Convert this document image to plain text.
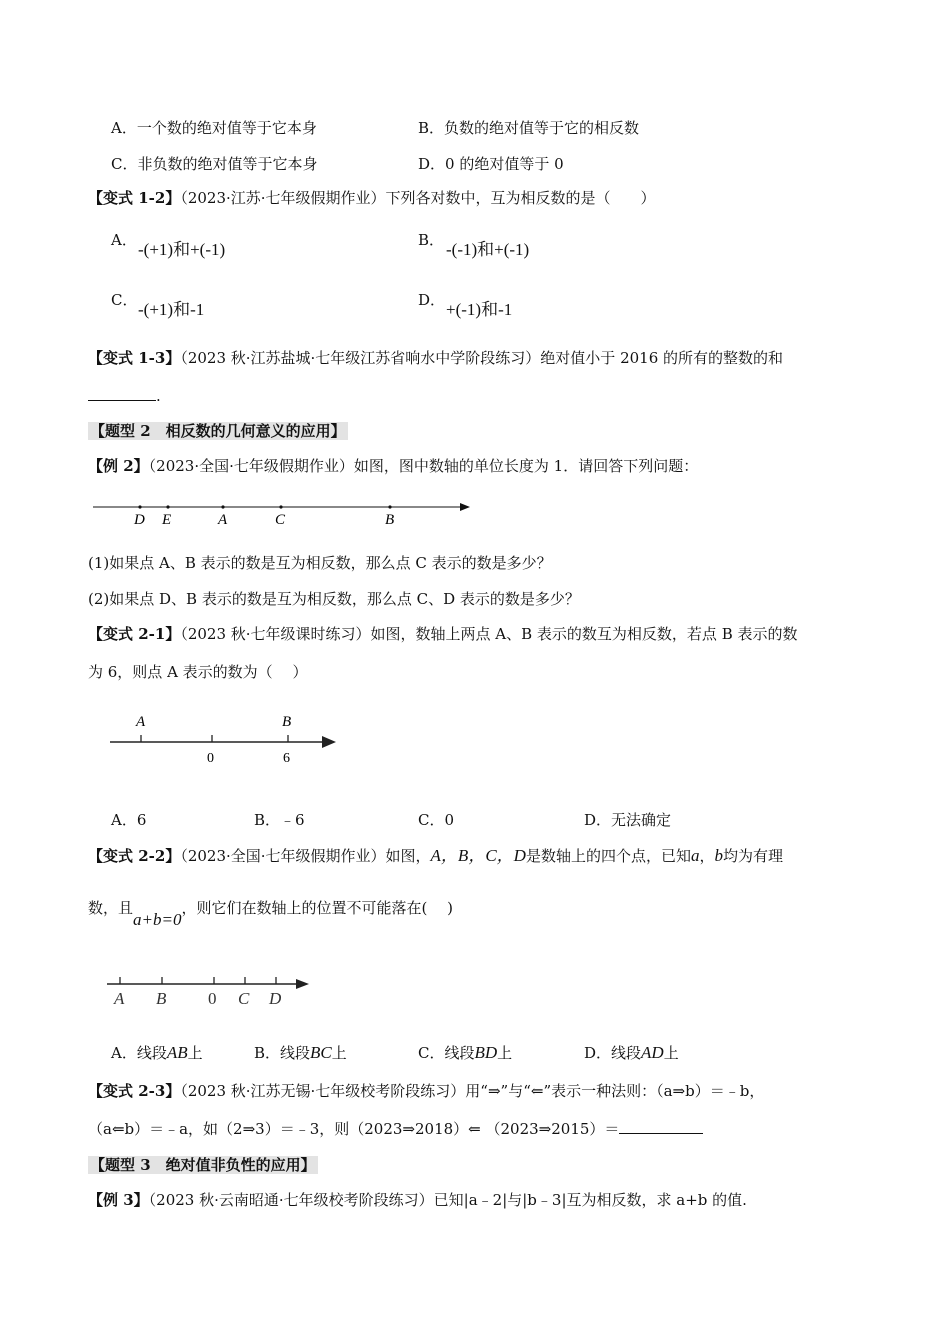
A．一个数的绝对值等于它本身	B．负数的绝对值等于它的相反数
C．非负数的绝对值等于它本身	D．0 的绝对值等于 0
【变式 1-2】（2023·江苏·七年级假期作业）下列各对数中，互为相反数的是（　　）
A． -(+1)和+(-1)	B． -(-1)和+(-1)
C． -(+1)和-1	D． +(-1)和-1
【变式 1-3】（2023 秋·江苏盐城·七年级江苏省响水中学阶段练习）绝对值小于 2016 的所有的整数的和
.
【题型 2　相反数的几何意义的应用】
【例 2】（2023·全国·七年级假期作业）如图，图中数轴的单位长度为 1．请回答下列问题：
D E	A	C	B
(1)如果点 A、B 表示的数是互为相反数，那么点 C 表示的数是多少？
(2)如果点 D、B 表示的数是互为相反数，那么点 C、D 表示的数是多少？
【变式 2-1】（2023 秋·七年级课时练习）如图，数轴上两点 A、B 表示的数互为相反数，若点 B 表示的数
为 6，则点 A 表示的数为（　 ）
A	B
0	6
A．6	B．﹣6	C．0	D．无法确定
【变式 2-2】（2023·全国·七年级假期作业）如图，A，B，C，D是数轴上的四个点，已知a，b均为有理
数，且a+b=0，则它们在数轴上的位置不可能落在(　 )
A B 0 C D
A．线段AB上	B．线段BC上	C．线段BD上	D．线段AD上
【变式 2-3】（2023 秋·江苏无锡·七年级校考阶段练习）用“⇒”与“⇐”表示一种法则：（a⇒b）＝﹣b，
（a⇐b）＝﹣a，如（2⇒3）＝﹣3，则（2023⇒2018）⇐ （2023⇒2015）＝
【题型 3　绝对值非负性的应用】
【例 3】（2023 秋·云南昭通·七年级校考阶段练习）已知|a﹣2|与|b﹣3|互为相反数，求 a+b 的值.
